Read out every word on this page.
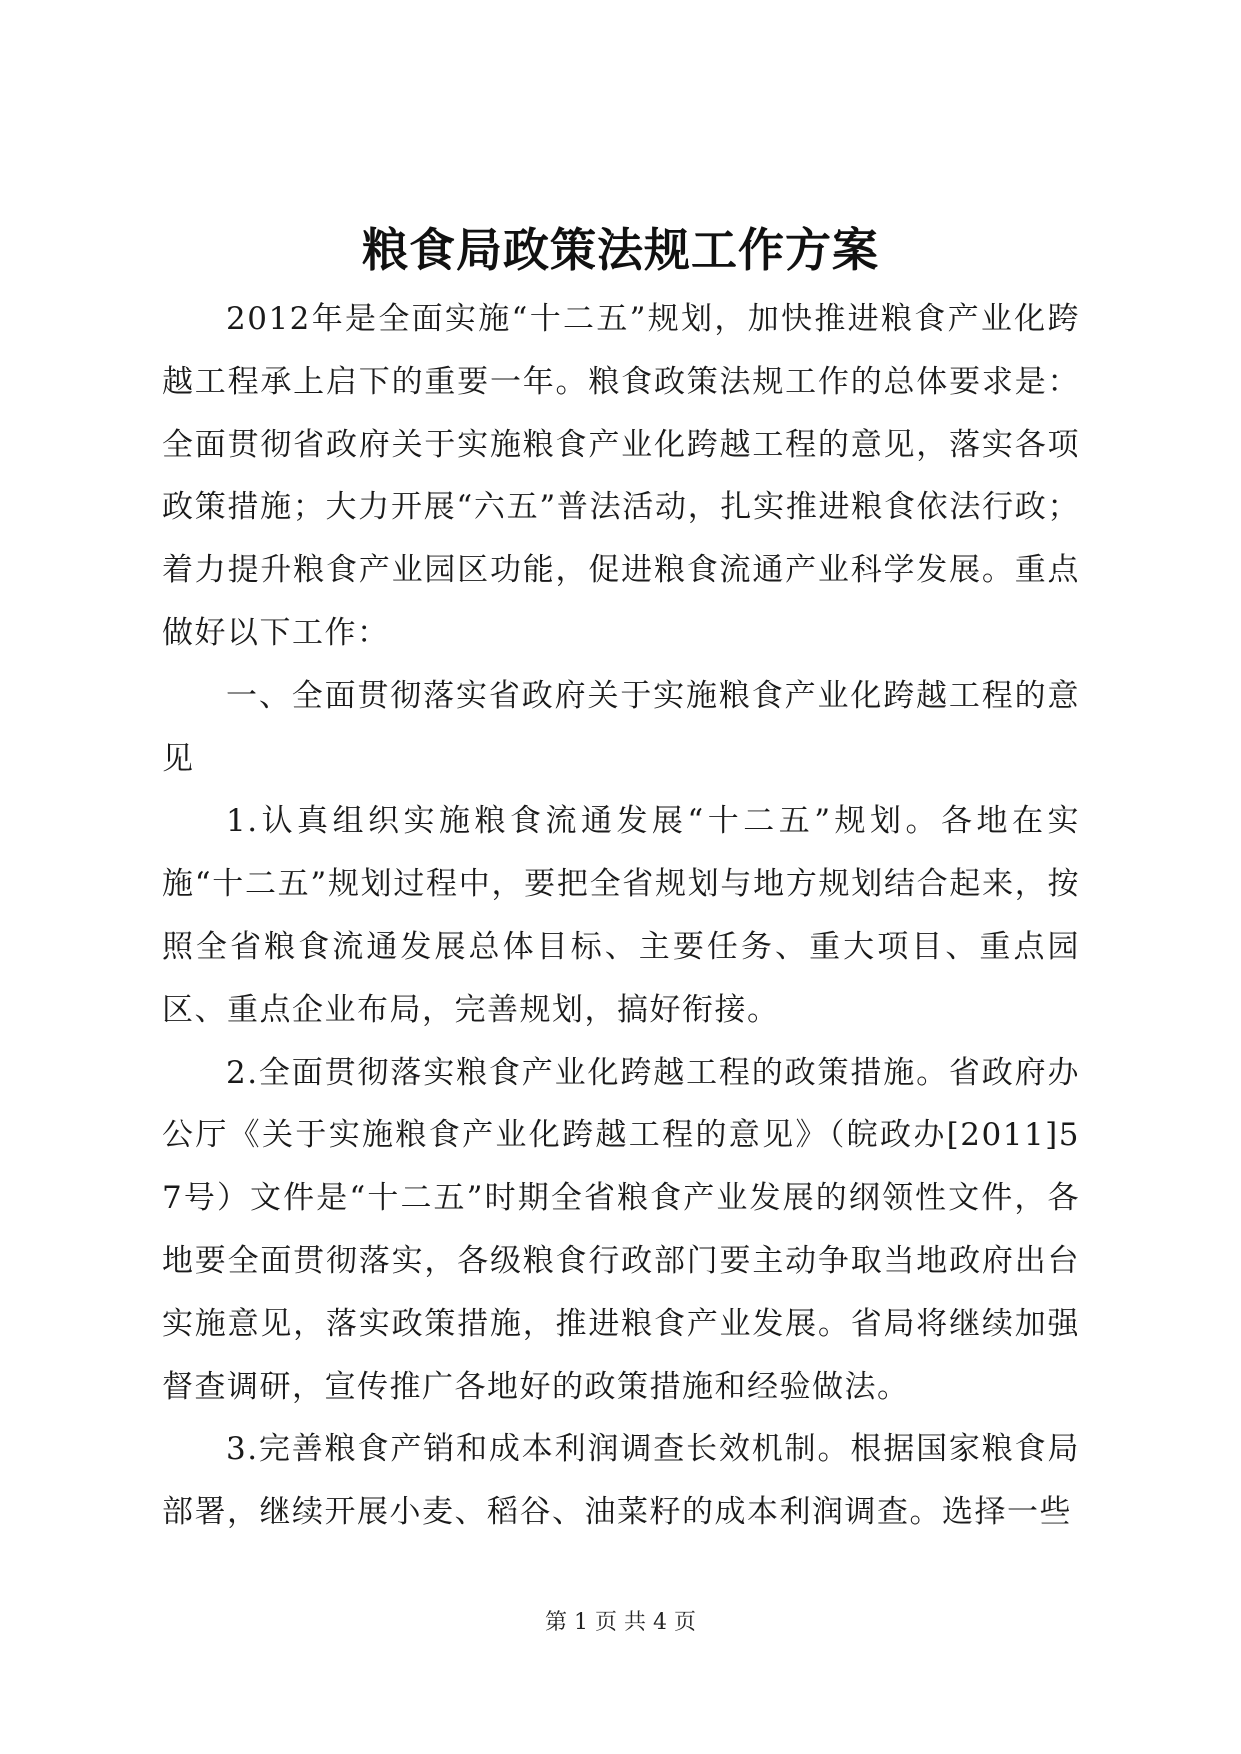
粮食局政策法规工作方案

2012年是全面实施“十二五”规划，加快推进粮食产业化跨越工程承上启下的重要一年。粮食政策法规工作的总体要求是：全面贯彻省政府关于实施粮食产业化跨越工程的意见，落实各项政策措施；大力开展“六五”普法活动，扎实推进粮食依法行政；着力提升粮食产业园区功能，促进粮食流通产业科学发展。重点做好以下工作：

一、全面贯彻落实省政府关于实施粮食产业化跨越工程的意见

1.认真组织实施粮食流通发展“十二五”规划。各地在实施“十二五”规划过程中，要把全省规划与地方规划结合起来，按照全省粮食流通发展总体目标、主要任务、重大项目、重点园区、重点企业布局，完善规划，搞好衔接。

2.全面贯彻落实粮食产业化跨越工程的政策措施。省政府办公厅《关于实施粮食产业化跨越工程的意见》（皖政办[2011]57号）文件是“十二五”时期全省粮食产业发展的纲领性文件，各地要全面贯彻落实，各级粮食行政部门要主动争取当地政府出台实施意见，落实政策措施，推进粮食产业发展。省局将继续加强督查调研，宣传推广各地好的政策措施和经验做法。

3.完善粮食产销和成本利润调查长效机制。根据国家粮食局部署，继续开展小麦、稻谷、油菜籽的成本利润调查。选择一些

第 1 页 共 4 页
